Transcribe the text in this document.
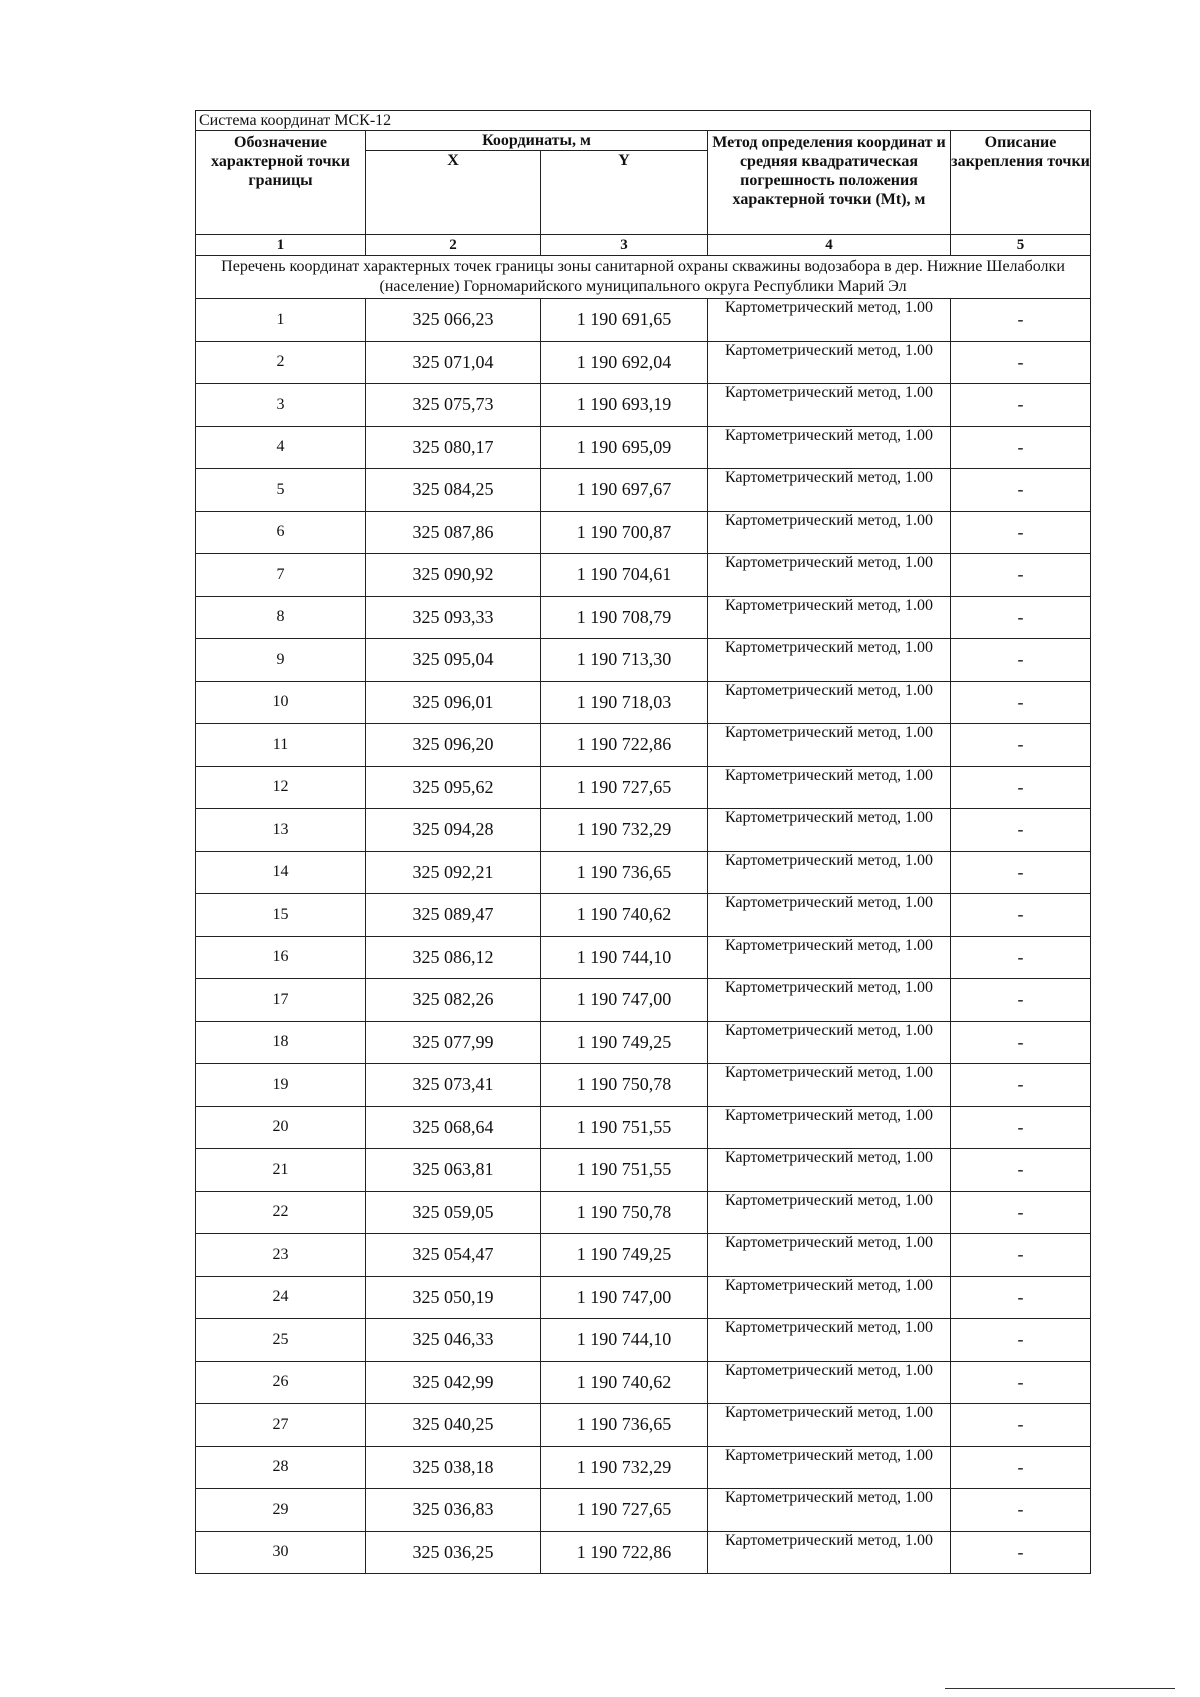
Система координат МСК-12				
Обозначение характерной точки границы	Координаты, м		Метод определения координат и средняя квадратическая погрешность положения характерной точки (Mt), м	Описание закрепления точки
	X	Y		
1	2	3	4	5
Перечень координат характерных точек границы зоны санитарной охраны скважины водозабора в дер. Нижние Шелаболки (население) Горномарийского муниципального округа Республики Марий Эл				
1	325 066,23	1 190 691,65	Картометрический метод, 1.00	-
2	325 071,04	1 190 692,04	Картометрический метод, 1.00	-
3	325 075,73	1 190 693,19	Картометрический метод, 1.00	-
4	325 080,17	1 190 695,09	Картометрический метод, 1.00	-
5	325 084,25	1 190 697,67	Картометрический метод, 1.00	-
6	325 087,86	1 190 700,87	Картометрический метод, 1.00	-
7	325 090,92	1 190 704,61	Картометрический метод, 1.00	-
8	325 093,33	1 190 708,79	Картометрический метод, 1.00	-
9	325 095,04	1 190 713,30	Картометрический метод, 1.00	-
10	325 096,01	1 190 718,03	Картометрический метод, 1.00	-
11	325 096,20	1 190 722,86	Картометрический метод, 1.00	-
12	325 095,62	1 190 727,65	Картометрический метод, 1.00	-
13	325 094,28	1 190 732,29	Картометрический метод, 1.00	-
14	325 092,21	1 190 736,65	Картометрический метод, 1.00	-
15	325 089,47	1 190 740,62	Картометрический метод, 1.00	-
16	325 086,12	1 190 744,10	Картометрический метод, 1.00	-
17	325 082,26	1 190 747,00	Картометрический метод, 1.00	-
18	325 077,99	1 190 749,25	Картометрический метод, 1.00	-
19	325 073,41	1 190 750,78	Картометрический метод, 1.00	-
20	325 068,64	1 190 751,55	Картометрический метод, 1.00	-
21	325 063,81	1 190 751,55	Картометрический метод, 1.00	-
22	325 059,05	1 190 750,78	Картометрический метод, 1.00	-
23	325 054,47	1 190 749,25	Картометрический метод, 1.00	-
24	325 050,19	1 190 747,00	Картометрический метод, 1.00	-
25	325 046,33	1 190 744,10	Картометрический метод, 1.00	-
26	325 042,99	1 190 740,62	Картометрический метод, 1.00	-
27	325 040,25	1 190 736,65	Картометрический метод, 1.00	-
28	325 038,18	1 190 732,29	Картометрический метод, 1.00	-
29	325 036,83	1 190 727,65	Картометрический метод, 1.00	-
30	325 036,25	1 190 722,86	Картометрический метод, 1.00	-
